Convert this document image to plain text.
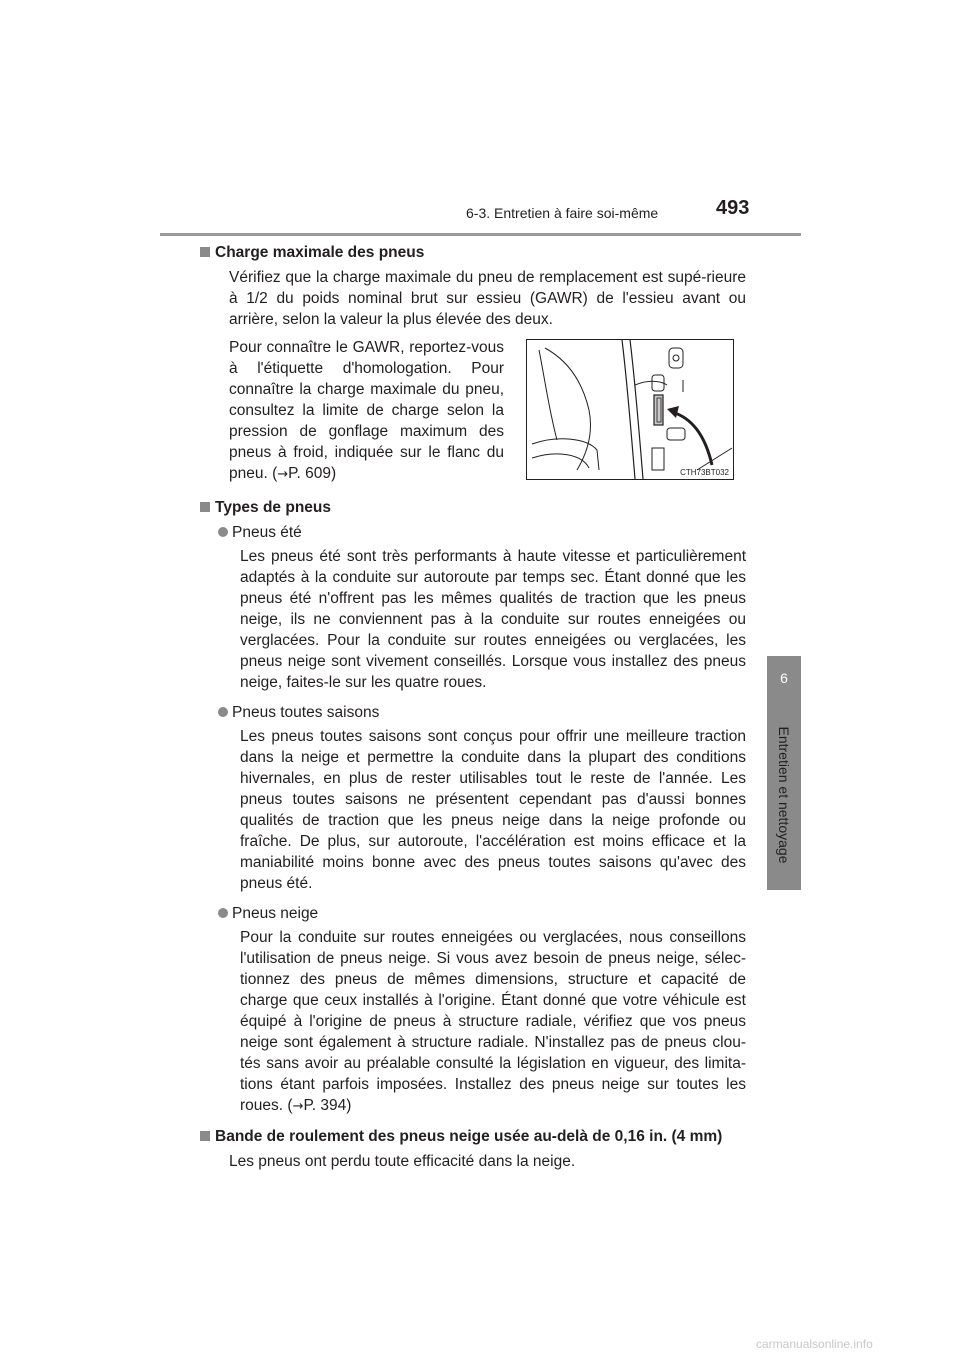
6-3. Entretien à faire soi-même	493
6
Entretien et nettoyage
Charge maximale des pneus

Vérifiez que la charge maximale du pneu de remplacement est supé-rieure à 1/2 du poids nominal brut sur essieu (GAWR) de l'essieu avant ou arrière, selon la valeur la plus élevée des deux.

Pour connaître le GAWR, reportez-vous à l'étiquette d'homologation. Pour connaître la charge maximale du pneu, consultez la limite de charge selon la pression de gonflage maximum des pneus à froid, indiquée sur le flanc du pneu. (→P. 609)	CTH73BT032
Types de pneus
Pneus été

Les pneus été sont très performants à haute vitesse et particulièrement adaptés à la conduite sur autoroute par temps sec. Étant donné que les pneus été n'offrent pas les mêmes qualités de traction que les pneus neige, ils ne conviennent pas à la conduite sur routes enneigées ou verglacées. Pour la conduite sur routes enneigées ou verglacées, les pneus neige sont vivement conseillés. Lorsque vous installez des pneus neige, faites-le sur les quatre roues.

Pneus toutes saisons

Les pneus toutes saisons sont conçus pour offrir une meilleure traction dans la neige et permettre la conduite dans la plupart des conditions hivernales, en plus de rester utilisables tout le reste de l'année. Les pneus toutes saisons ne présentent cependant pas d'aussi bonnes qualités de traction que les pneus neige dans la neige profonde ou fraîche. De plus, sur autoroute, l'accélération est moins efficace et la maniabilité moins bonne avec des pneus toutes saisons qu'avec des pneus été.

Pneus neige

Pour la conduite sur routes enneigées ou verglacées, nous conseillons l'utilisation de pneus neige. Si vous avez besoin de pneus neige, sélec-tionnez des pneus de mêmes dimensions, structure et capacité de charge que ceux installés à l'origine. Étant donné que votre véhicule est équipé à l'origine de pneus à structure radiale, vérifiez que vos pneus neige sont également à structure radiale. N'installez pas de pneus clou-tés sans avoir au préalable consulté la législation en vigueur, des limita-tions étant parfois imposées. Installez des pneus neige sur toutes les roues. (→P. 394)

Bande de roulement des pneus neige usée au-delà de 0,16 in. (4 mm)

Les pneus ont perdu toute efficacité dans la neige.

carmanualsonline.info
